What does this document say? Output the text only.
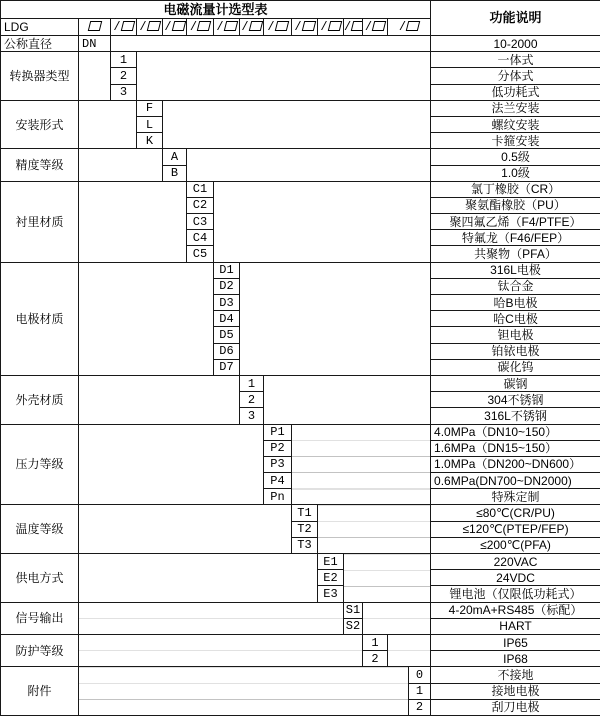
电磁流量计选型表															功能说明
LDG		/	/	/	/	/	/	/	/	/	/	/	/		
公称直径	DN														10-2000
转换器类型		1													一体式
		2													分体式
		3													低功耗式
安装形式			F												法兰安装
			L												螺纹安装
			K												卡箍安装
精度等级				A											0.5级
				B											1.0级
衬里材质					C1										氯丁橡胶（CR）
					C2										聚氨酯橡胶（PU）
					C3										聚四氟乙烯（F4/PTFE）
					C4										特氟龙（F46/FEP）
					C5										共聚物（PFA）
电极材质						D1									316L电极
						D2									钛合金
						D3									哈B电极
						D4									哈C电极
						D5									钽电极
						D6									铂铱电极
						D7									碳化钨
外壳材质							1								碳钢
							2								304不锈钢
							3								316L不锈钢
压力等级								P1							4.0MPa（DN10~150）
								P2							1.6MPa（DN15~150）
								P3							1.0MPa（DN200~DN600）
								P4							0.6MPa(DN700~DN2000)
								Pn							特殊定制
温度等级									T1						≤80℃(CR/PU)
									T2						≤120℃(PTEP/FEP)
									T3						≤200℃(PFA)
供电方式										E1					220VAC
										E2					24VDC
										E3					锂电池（仅限低功耗式）
信号输出											S1				4-20mA+RS485（标配）
											S2				HART
防护等级												1			IP65
												2			IP68
附件														0	不接地
														1	接地电极
														2	刮刀电极
